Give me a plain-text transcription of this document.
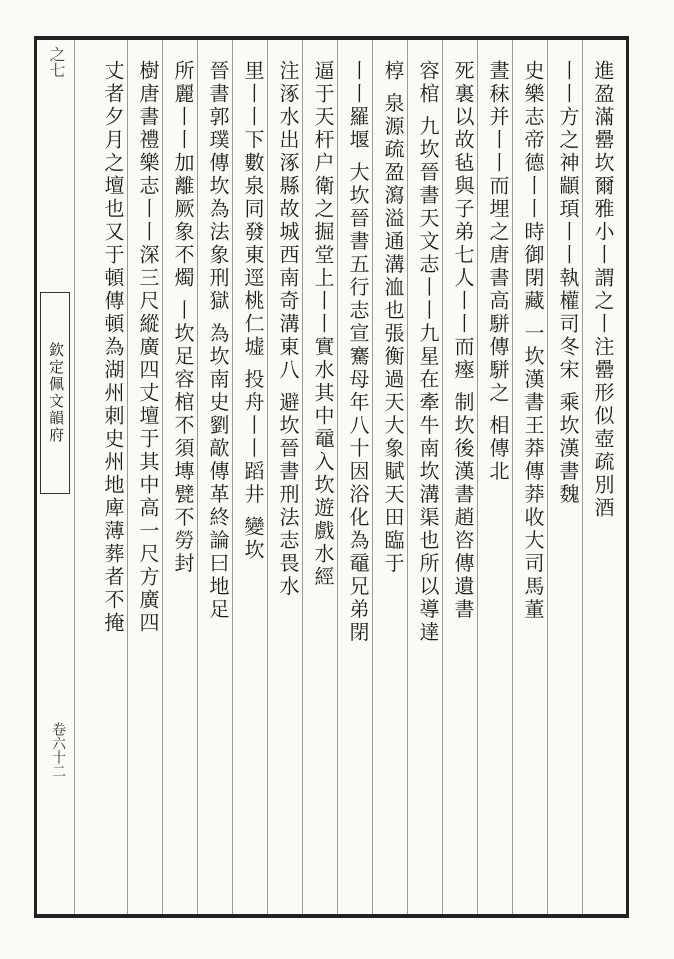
之七
欽定佩文韻府
卷六十二
進盈滿罍坎爾雅小丨謂之丨注罍形似壺疏別酒
丨丨方之神顓頊丨丨執權司冬宋 乘坎漢書魏
史樂志帝德丨丨時御閉藏 一坎漢書王莽傳莽收大司馬董
晝秣并丨丨而埋之唐書高駢傳駢之 相傳北
死裏以故毡與子弟七人丨丨而瘞 制坎後漢書趙咨傳遺書
容棺 九坎晉書天文志丨丨九星在牽牛南坎溝渠也所以導達
椁 泉源疏盈瀉溢通溝洫也張衡過天大象賦天田臨于
丨丨羅堰 大坎晉書五行志宣騫母年八十因浴化為黿兄弟閉
逼于天杆户衛之掘堂上丨丨實水其中黿入坎遊戲水經
注涿水出涿縣故城西南奇溝東八 避坎晉書刑法志畏水
里丨丨下數泉同發東逕桃仁墟 投舟丨丨蹈井 變坎
晉書郭璞傳坎為法象刑獄 為坎南史劉歊傳革終論曰地足
所麗丨丨加離厥象不燭 丨坎足容棺不須塼甓不勞封
樹唐書禮樂志丨丨深三尺縱廣四丈壇于其中高一尺方廣四
丈者夕月之壇也又于頓傳頓為湖州刺史州地庳薄葬者不掩
